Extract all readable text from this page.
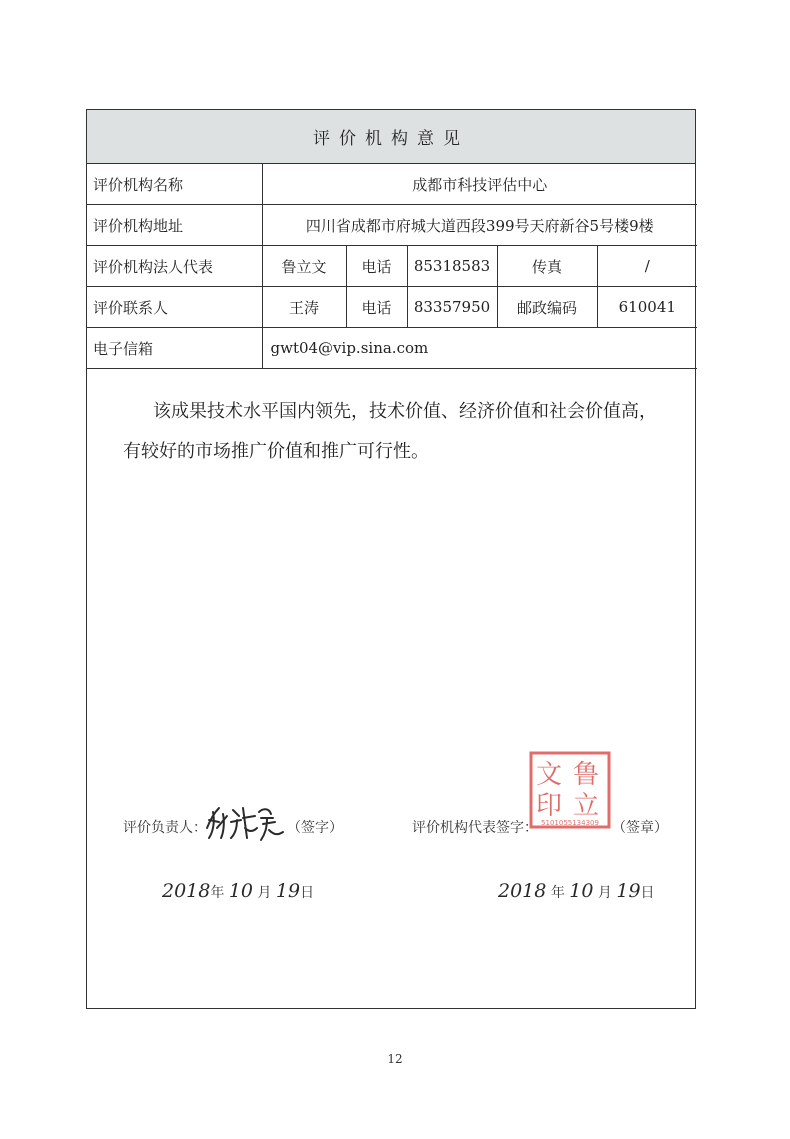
评价机构意见
评价机构名称	成都市科技评估中心				
评价机构地址	四川省成都市府城大道西段399号天府新谷5号楼9楼				
评价机构法人代表	鲁立文	电话	85318583	传真	/
评价联系人	王涛	电话	83357950	邮政编码	610041
电子信箱	gwt04@vip.sina.com				

该成果技术水平国内领先，技术价值、经济价值和社会价值高，
有较好的市场推广价值和推广可行性。

评价负责人：	（签字）	评价机构代表签字：	（签章）
文 鲁
印 立
5101055134309
2018年 10 月 19日	2018 年 10 月 19日
12
